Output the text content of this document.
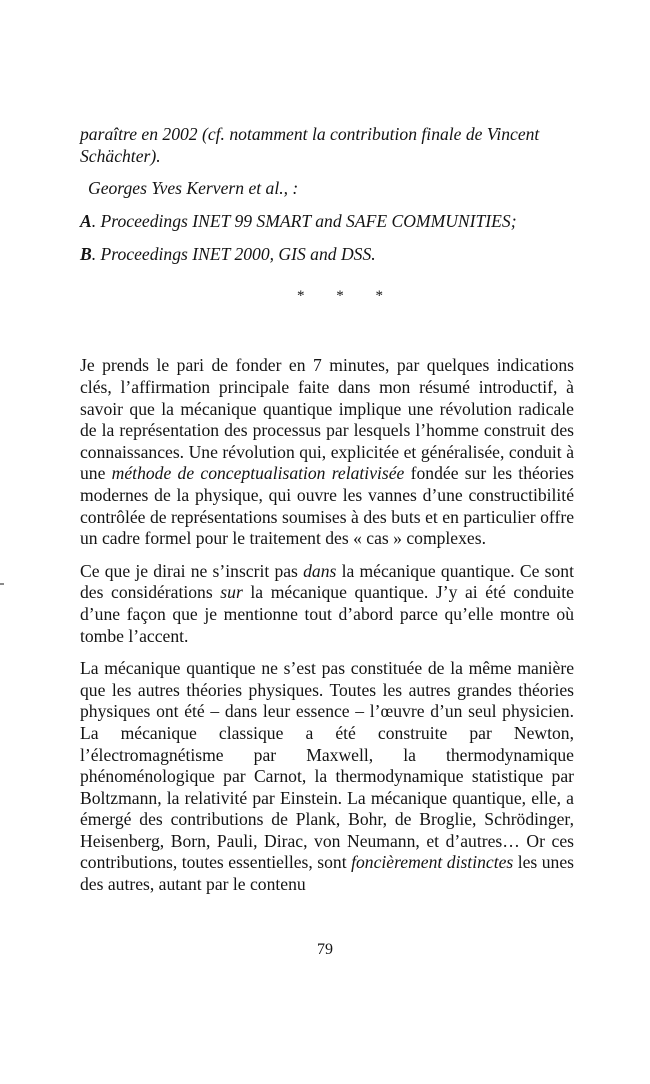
paraître en 2002 (cf. notamment la contribution finale de Vincent

Schächter).

Georges Yves Kervern et al., :

A. Proceedings INET 99 SMART and SAFE COMMUNITIES;

B. Proceedings INET 2000, GIS and DSS.

* * *

Je prends le pari de fonder en 7 minutes, par quelques indications clés, l’affirmation principale faite dans mon résumé introductif, à savoir que la mécanique quantique implique une révolution radicale de la représentation des processus par lesquels l’homme construit des connaissances. Une révolution qui, explicitée et généralisée, conduit à une méthode de conceptualisation relativisée fondée sur les théories modernes de la physique, qui ouvre les vannes d’une constructibilité contrôlée de représentations soumises à des buts et en particulier offre un cadre formel pour le traitement des « cas » complexes.

Ce que je dirai ne s’inscrit pas dans la mécanique quantique. Ce sont des considérations sur la mécanique quantique. J’y ai été conduite d’une façon que je mentionne tout d’abord parce qu’elle montre où tombe l’accent.

La mécanique quantique ne s’est pas constituée de la même manière que les autres théories physiques. Toutes les autres grandes théories physiques ont été – dans leur essence – l’œuvre d’un seul physicien. La mécanique classique a été construite par Newton, l’électromagnétisme par Maxwell, la thermodynamique phénoménologique par Carnot, la thermodynamique statistique par Boltzmann, la relativité par Einstein. La mécanique quantique, elle, a émergé des contributions de Plank, Bohr, de Broglie, Schrödinger, Heisenberg, Born, Pauli, Dirac, von Neumann, et d’autres… Or ces contributions, toutes essentielles, sont foncièrement distinctes les unes des autres, autant par le contenu

79
